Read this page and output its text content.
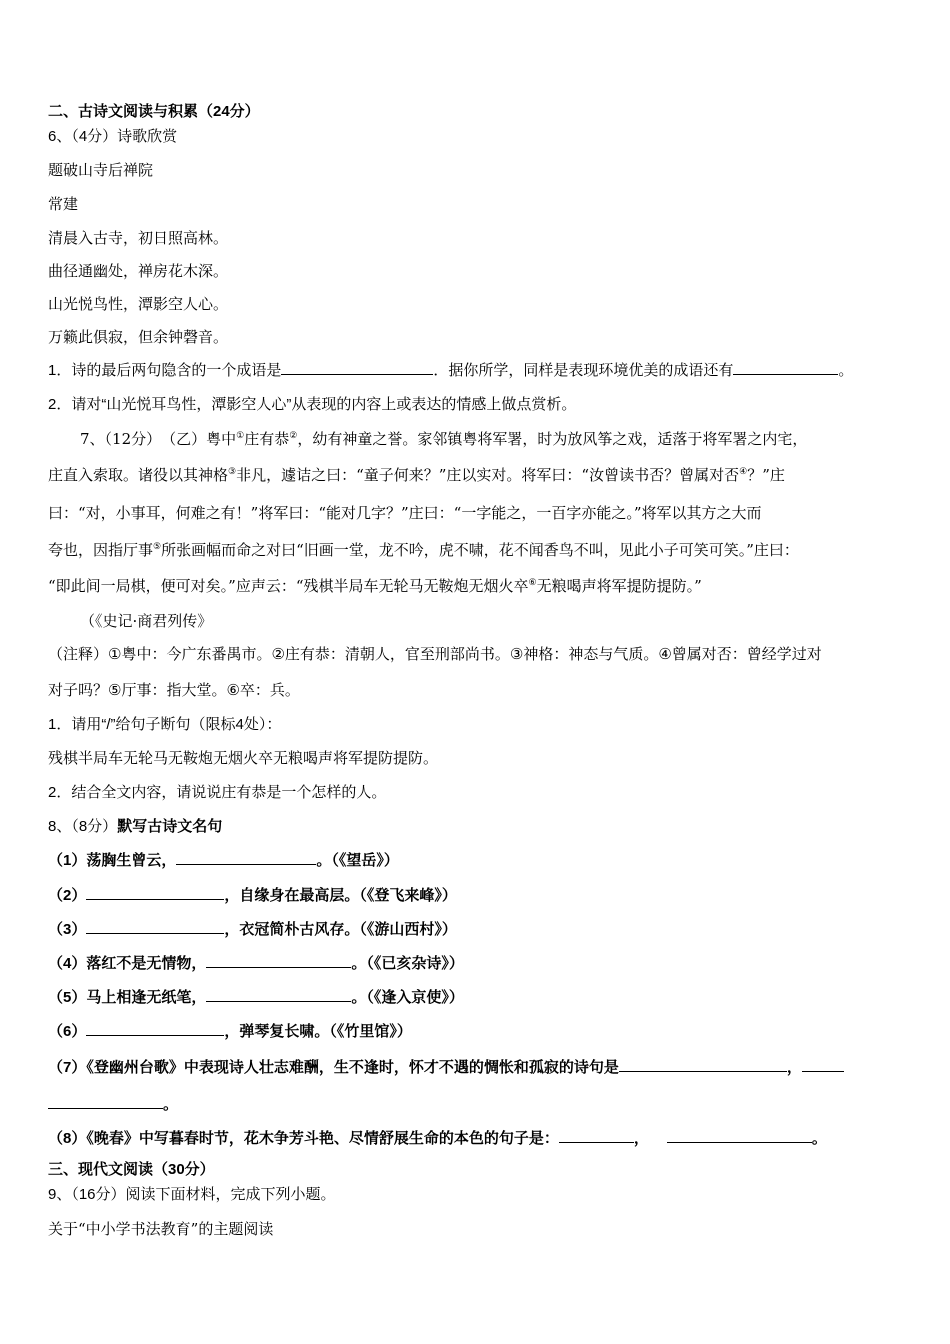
二、古诗文阅读与积累（24分）
6、（4分）诗歌欣赏
题破山寺后禅院
常建
清晨入古寺，初日照高林。
曲径通幽处，禅房花木深。
山光悦鸟性，潭影空人心。
万籁此俱寂，但余钟磬音。
1．诗的最后两句隐含的一个成语是	．据你所学，同样是表现环境优美的成语还有	。
2．请对“山光悦耳鸟性，潭影空人心”从表现的内容上或表达的情感上做点赏析。
7、（12分）　（乙）粤中①庄有恭②，幼有神童之誉。家邻镇粤将军署，时为放风筝之戏，适落于将军署之内宅，
庄直入索取。诸役以其神格③非凡，遽诘之曰：“童子何来？”庄以实对。将军曰：“汝曾读书否？曾属对否④？”庄
曰：“对，小事耳，何难之有！”将军曰：“能对几字？”庄曰：“一字能之，一百字亦能之。”将军以其方之大而
夸也，因指厅事⑤所张画幅而命之对曰“旧画一堂，龙不吟，虎不啸，花不闻香鸟不叫，见此小子可笑可笑。”庄曰：
“即此间一局棋，便可对矣。”应声云：“残棋半局车无轮马无鞍炮无烟火卒⑥无粮喝声将军提防提防。”
（《史记·商君列传》
（注释）①粤中：今广东番禺市。②庄有恭：清朝人，官至刑部尚书。③神格：神态与气质。④曾属对否：曾经学过对
对子吗？⑤厅事：指大堂。⑥卒：兵。
1．请用“/”给句子断句（限标4处）：
残棋半局车无轮马无鞍炮无烟火卒无粮喝声将军提防提防。
2．结合全文内容，请说说庄有恭是一个怎样的人。
8、（8分）默写古诗文名句
（1）荡胸生曾云，	。（《望岳》）
（2）	，自缘身在最高层。（《登飞来峰》）
（3）	，衣冠简朴古风存。（《游山西村》）
（4）落红不是无情物，	。（《已亥杂诗》）
（5）马上相逢无纸笔，	。（《逢入京使》）
（6）	，弹琴复长啸。（《竹里馆》）
（7）《登幽州台歌》中表现诗人壮志难酬，生不逢时，怀才不遇的惆怅和孤寂的诗句是	，
。
（8）《晚春》中写暮春时节，花木争芳斗艳、尽情舒展生命的本色的句子是：	，	。
三、现代文阅读（30分）
9、（16分）阅读下面材料，完成下列小题。
关于“中小学书法教育”的主题阅读
